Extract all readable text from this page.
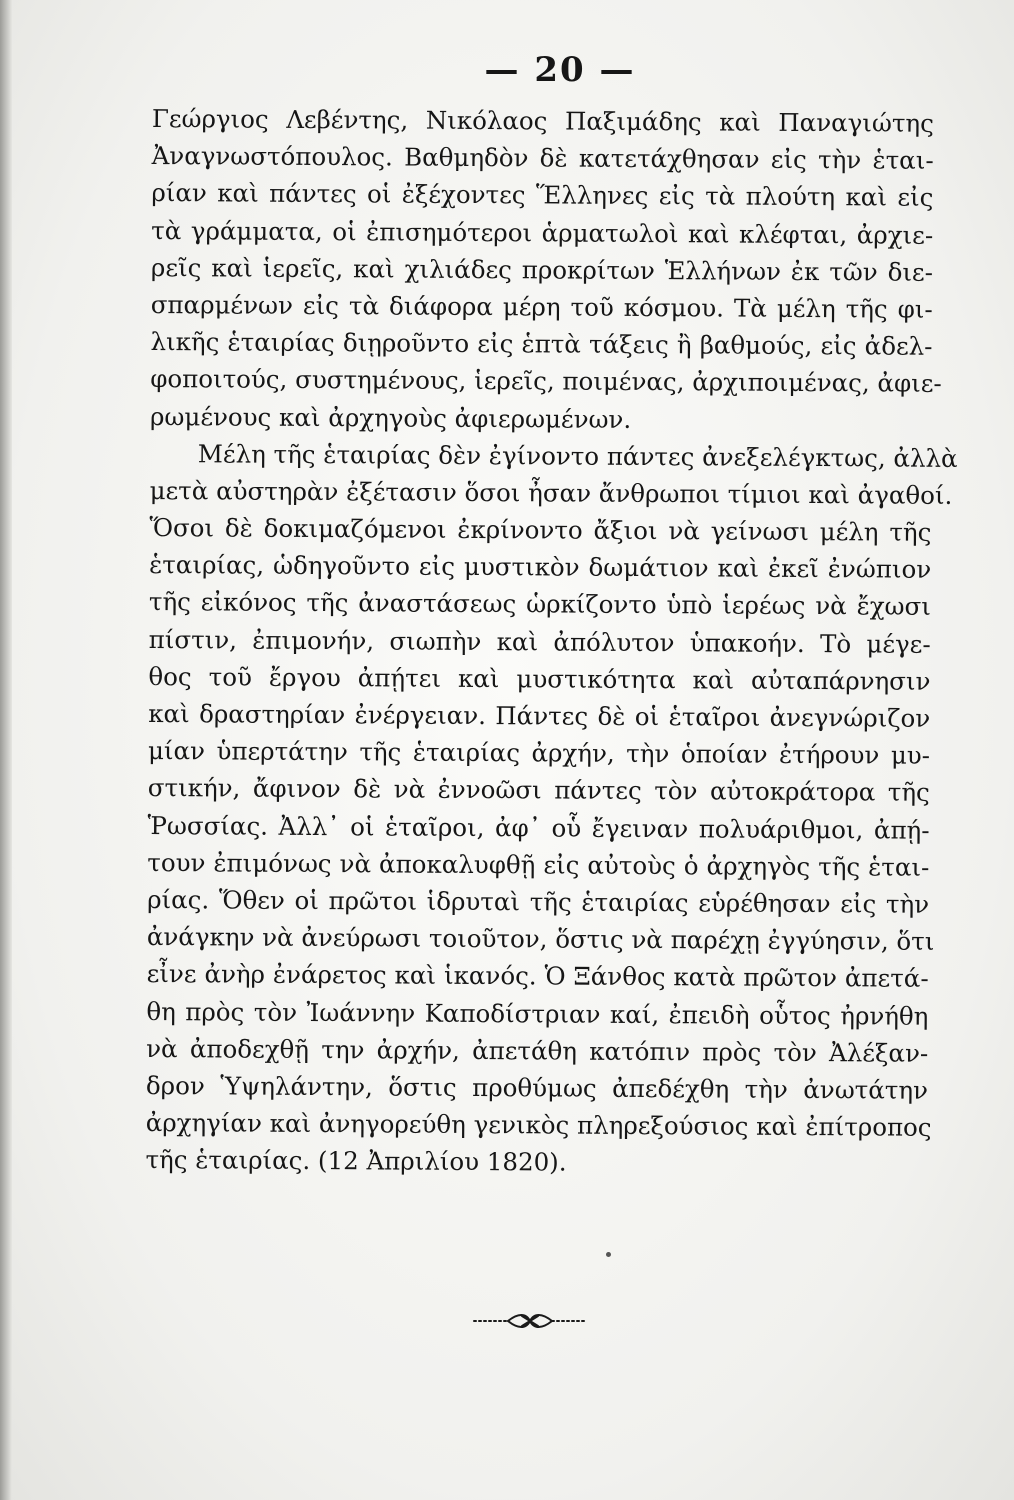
— 20 —
Γεώργιος Λεβέντης, Νικόλαος Παξιμάδης καὶ Παναγιώτης
Ἀναγνωστόπουλος. Βαθμηδὸν δὲ κατετάχθησαν εἰς τὴν ἑται-
ρίαν καὶ πάντες οἱ ἐξέχοντες Ἕλληνες εἰς τὰ πλούτη καὶ εἰς
τὰ γράμματα, οἱ ἐπισημότεροι ἁρματωλοὶ καὶ κλέφται, ἀρχιε-
ρεῖς καὶ ἱερεῖς, καὶ χιλιάδες προκρίτων Ἑλλήνων ἐκ τῶν διε-
σπαρμένων εἰς τὰ διάφορα μέρη τοῦ κόσμου. Τὰ μέλη τῆς φι-
λικῆς ἑταιρίας διῃροῦντο εἰς ἑπτὰ τάξεις ἢ βαθμούς, εἰς ἀδελ-
φοποιτούς, συστημένους, ἱερεῖς, ποιμένας, ἀρχιποιμένας, ἀφιε-
ρωμένους καὶ ἀρχηγοὺς ἀφιερωμένων.
Μέλη τῆς ἑταιρίας δὲν ἐγίνοντο πάντες ἀνεξελέγκτως, ἀλλὰ
μετὰ αὐστηρὰν ἐξέτασιν ὅσοι ἦσαν ἄνθρωποι τίμιοι καὶ ἀγαθοί.
Ὅσοι δὲ δοκιμαζόμενοι ἐκρίνοντο ἄξιοι νὰ γείνωσι μέλη τῆς
ἑταιρίας, ὡδηγοῦντο εἰς μυστικὸν δωμάτιον καὶ ἐκεῖ ἐνώπιον
τῆς εἰκόνος τῆς ἀναστάσεως ὡρκίζοντο ὑπὸ ἱερέως νὰ ἔχωσι
πίστιν, ἐπιμονήν, σιωπὴν καὶ ἀπόλυτον ὑπακοήν. Τὸ μέγε-
θος τοῦ ἔργου ἀπῄτει καὶ μυστικότητα καὶ αὐταπάρνησιν
καὶ δραστηρίαν ἐνέργειαν. Πάντες δὲ οἱ ἑταῖροι ἀνεγνώριζον
μίαν ὑπερτάτην τῆς ἑταιρίας ἀρχήν, τὴν ὁποίαν ἐτήρουν μυ-
στικήν, ἄφινον δὲ νὰ ἐννοῶσι πάντες τὸν αὐτοκράτορα τῆς
Ῥωσσίας. Ἀλλ᾽ οἱ ἑταῖροι, ἀφ᾽ οὗ ἔγειναν πολυάριθμοι, ἀπῄ-
τουν ἐπιμόνως νὰ ἀποκαλυφθῇ εἰς αὐτοὺς ὁ ἀρχηγὸς τῆς ἑται-
ρίας. Ὅθεν οἱ πρῶτοι ἱδρυταὶ τῆς ἑταιρίας εὑρέθησαν εἰς τὴν
ἀνάγκην νὰ ἀνεύρωσι τοιοῦτον, ὅστις νὰ παρέχῃ ἐγγύησιν, ὅτι
εἶνε ἀνὴρ ἐνάρετος καὶ ἱκανός. Ὁ Ξάνθος κατὰ πρῶτον ἀπετά-
θη πρὸς τὸν Ἰωάννην Καποδίστριαν καί, ἐπειδὴ οὗτος ἠρνήθη
νὰ ἀποδεχθῇ την ἀρχήν, ἀπετάθη κατόπιν πρὸς τὸν Ἀλέξαν-
δρον Ὑψηλάντην, ὅστις προθύμως ἀπεδέχθη τὴν ἀνωτάτην
ἀρχηγίαν καὶ ἀνηγορεύθη γενικὸς πληρεξούσιος καὶ ἐπίτροπος
τῆς ἑταιρίας. (12 Ἀπριλίου 1820).
